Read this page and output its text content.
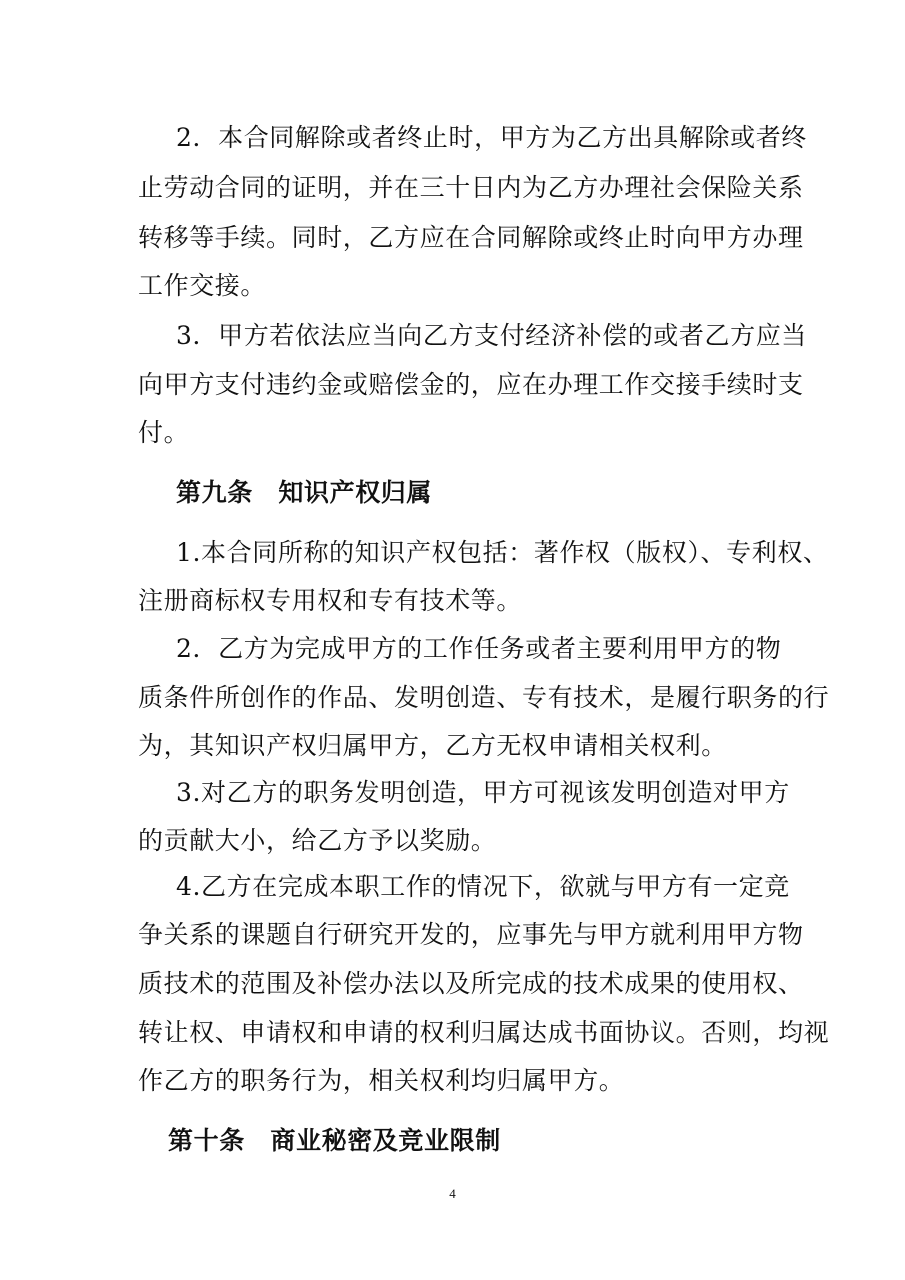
2．本合同解除或者终止时，甲方为乙方出具解除或者终
止劳动合同的证明，并在三十日内为乙方办理社会保险关系
转移等手续。同时，乙方应在合同解除或终止时向甲方办理
工作交接。
3．甲方若依法应当向乙方支付经济补偿的或者乙方应当
向甲方支付违约金或赔偿金的，应在办理工作交接手续时支
付。
第九条　知识产权归属
1.本合同所称的知识产权包括：著作权（版权）、专利权、
注册商标权专用权和专有技术等。
2．乙方为完成甲方的工作任务或者主要利用甲方的物
质条件所创作的作品、发明创造、专有技术，是履行职务的行
为，其知识产权归属甲方，乙方无权申请相关权利。
3.对乙方的职务发明创造，甲方可视该发明创造对甲方
的贡献大小，给乙方予以奖励。
4.乙方在完成本职工作的情况下，欲就与甲方有一定竞
争关系的课题自行研究开发的，应事先与甲方就利用甲方物
质技术的范围及补偿办法以及所完成的技术成果的使用权、
转让权、申请权和申请的权利归属达成书面协议。否则，均视
作乙方的职务行为，相关权利均归属甲方。
第十条　商业秘密及竞业限制
4
